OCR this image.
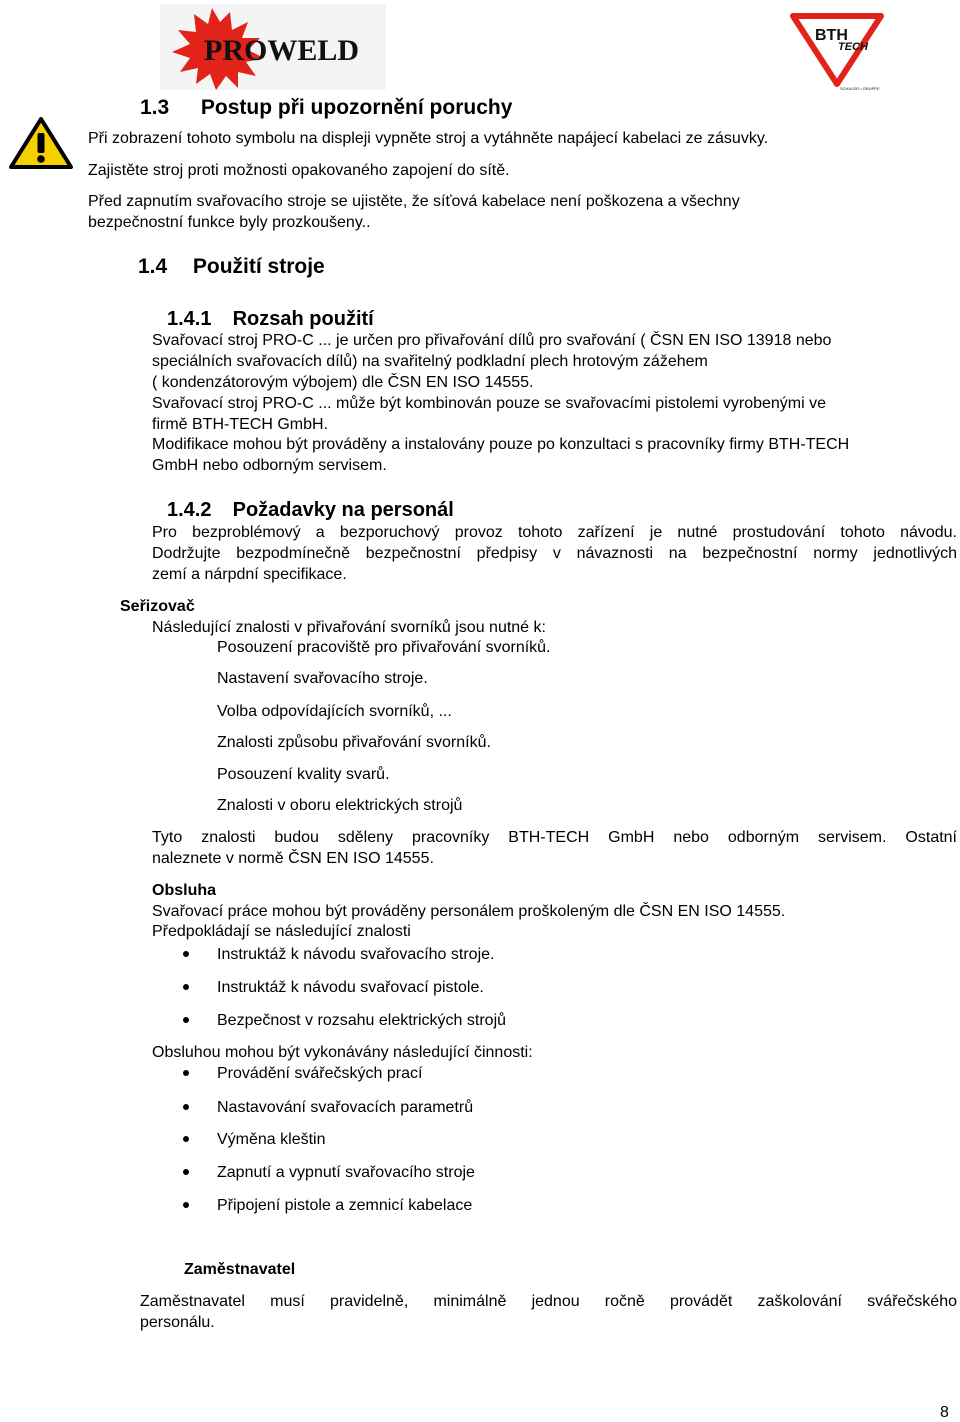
PROWELD	BTH
TECH
SCHULER • GRUPPE
1.3 Postup při upozornění poruchy
Při zobrazení tohoto symbolu na displeji vypněte stroj a vytáhněte napájecí kabelaci ze zásuvky.
Zajistěte stroj proti možnosti opakovaného zapojení do sítě.
Před zapnutím svařovacího stroje se ujistěte, že síťová kabelace není poškozena a všechny
bezpečnostní funkce byly prozkoušeny..
1.4 Použití stroje
1.4.1 Rozsah použití
Svařovací stroj PRO-C ... je určen pro přivařování dílů pro svařování ( ČSN EN ISO 13918 nebo
speciálních svařovacích dílů) na svařitelný podkladní plech hrotovým zážehem
( kondenzátorovým výbojem) dle ČSN EN ISO 14555.
Svařovací stroj PRO-C ... může být kombinován pouze se svařovacími pistolemi vyrobenými ve
firmě BTH-TECH GmbH.
Modifikace mohou být prováděny a instalovány pouze po konzultaci s pracovníky firmy BTH-TECH
GmbH nebo odborným servisem.
1.4.2 Požadavky na personál
Pro bezproblémový a bezporuchový provoz tohoto zařízení je nutné prostudování tohoto návodu.
Dodržujte bezpodmínečně bezpečnostní předpisy v návaznosti na bezpečnostní normy jednotlivých
zemí a nárpdní specifikace.
Seřizovač
Následující znalosti v přivařování svorníků jsou nutné k:
Posouzení pracoviště pro přivařování svorníků.
Nastavení svařovacího stroje.
Volba odpovídajících svorníků, ...
Znalosti způsobu přivařování svorníků.
Posouzení kvality svarů.
Znalosti v oboru elektrických strojů
Tyto znalosti budou sděleny pracovníky BTH-TECH GmbH nebo odborným servisem. Ostatní
naleznete v normě ČSN EN ISO 14555.
Obsluha
Svařovací práce mohou být prováděny personálem proškoleným dle ČSN EN ISO 14555.
Předpokládají se následující znalosti
Instruktáž k návodu svařovacího stroje.
Instruktáž k návodu svařovací pistole.
Bezpečnost v rozsahu elektrických strojů
Obsluhou mohou být vykonávány následující činnosti:
Provádění svářečských prací
Nastavování svařovacích parametrů
Výměna kleštin
Zapnutí a vypnutí svařovacího stroje
Připojení pistole a zemnicí kabelace
Zaměstnavatel
Zaměstnavatel musí pravidelně, minimálně jednou ročně provádět zaškolování svářečského
personálu.
8
